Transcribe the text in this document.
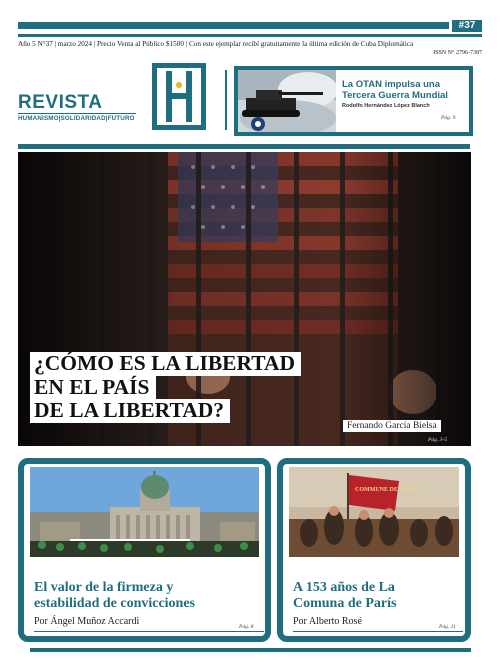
#37
Año 5 N°37 | marzo 2024 | Precio Venta al Público $1500 | Con este ejemplar recibí gratuitamente la última edición de Cuba Diplomática
ISSN N° 2796-7387
REVISTA
HUMANISMO|SOLIDARIDAD|FUTURO
La OTAN impulsa una Tercera Guerra Mundial
Rodolfo Hernández López Blanch
Pág. 9
¿CÓMO ES LA LIBERTAD
EN EL PAÍS
DE LA LIBERTAD?
Fernando García Bielsa
Pág. 3-5
El valor de la firmeza y
estabilidad de convicciones
Por Ángel Muñoz Accardi	Pág. 8
COMMUNE DE PARIS
A 153 años de La
Comuna de París
Por Alberto Rosé	Pág. 11
